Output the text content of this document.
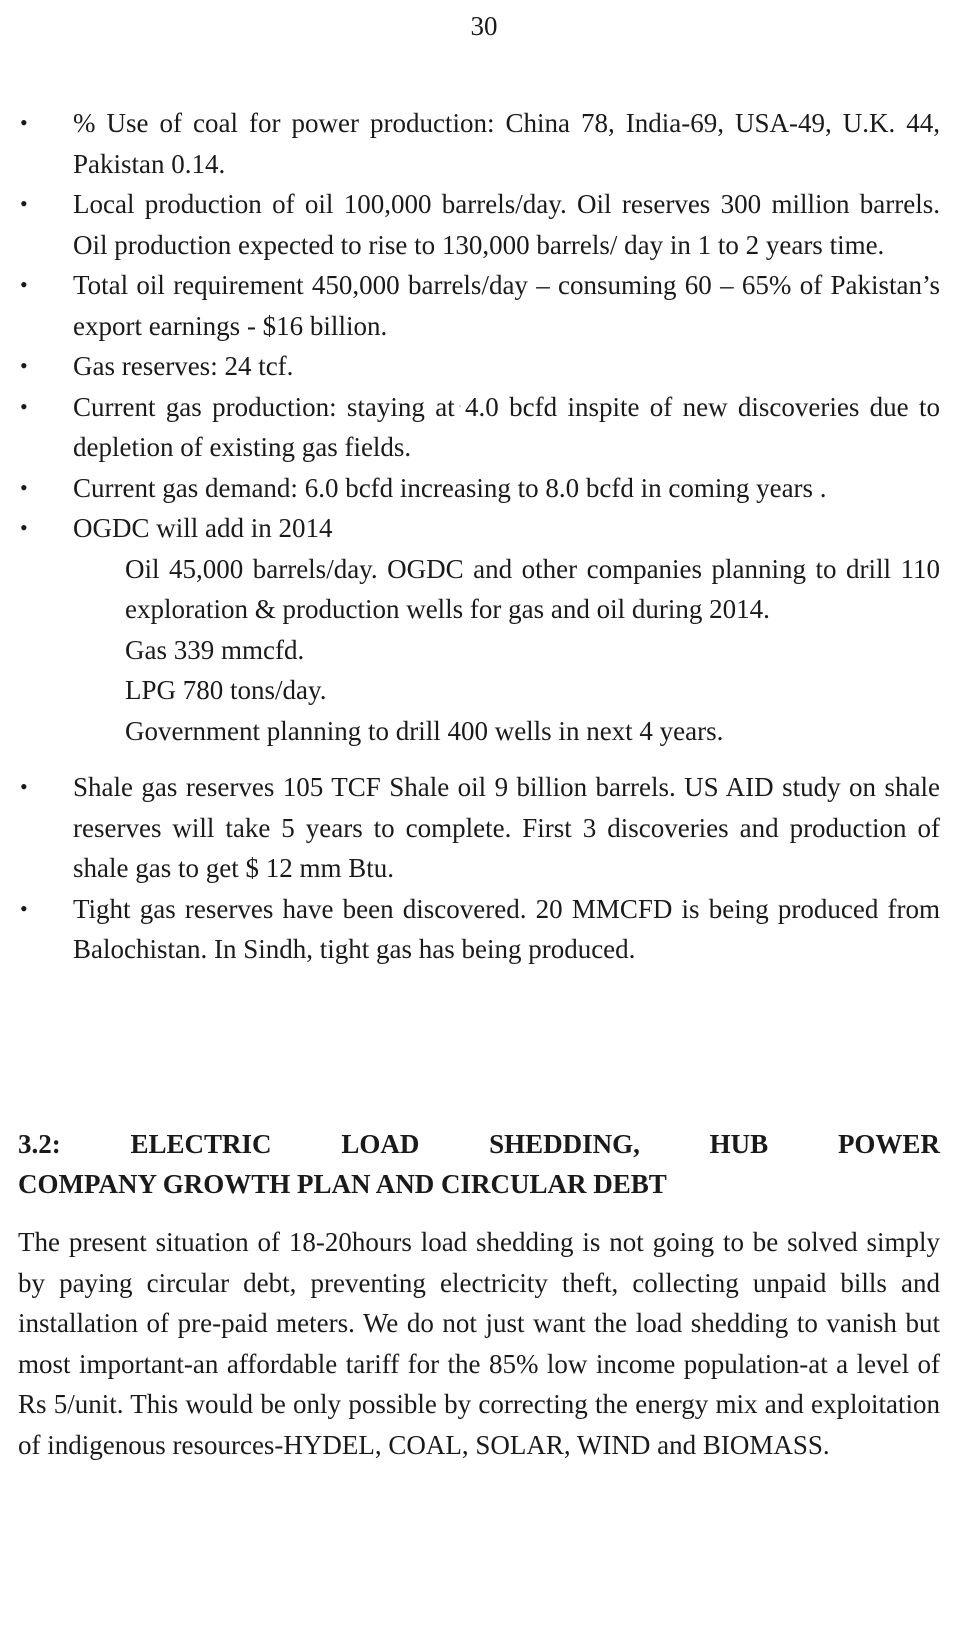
30
• % Use of coal for power production: China 78, India-69, USA-49, U.K. 44, Pakistan 0.14.
• Local production of oil 100,000 barrels/day. Oil reserves 300 million barrels. Oil production expected to rise to 130,000 barrels/ day in 1 to 2 years time.
• Total oil requirement 450,000 barrels/day – consuming 60 – 65% of Pakistan’s export earnings - $16 billion.
• Gas reserves: 24 tcf.
• Current gas production: staying at 4.0 bcfd inspite of new discoveries due to depletion of existing gas fields.
• Current gas demand: 6.0 bcfd increasing to 8.0 bcfd in coming years .
• OGDC will add in 2014
Oil 45,000 barrels/day. OGDC and other companies planning to drill 110 exploration & production wells for gas and oil during 2014.
Gas 339 mmcfd.
LPG 780 tons/day.
Government planning to drill 400 wells in next 4 years.
• Shale gas reserves 105 TCF Shale oil 9 billion barrels. US AID study on shale reserves will take 5 years to complete. First 3 discoveries and production of shale gas to get $ 12 mm Btu.
• Tight gas reserves have been discovered. 20 MMCFD is being produced from Balochistan. In Sindh, tight gas has being produced.
3.2:	ELECTRIC	LOAD	SHEDDING,	HUB	POWER
COMPANY GROWTH PLAN AND CIRCULAR DEBT

The present situation of 18-20hours load shedding is not going to be solved simply by paying circular debt, preventing electricity theft, collecting unpaid bills and installation of pre-paid meters. We do not just want the load shedding to vanish but most important-an affordable tariff for the 85% low income population-at a level of Rs 5/unit. This would be only possible by correcting the energy mix and exploitation of indigenous resources-HYDEL, COAL, SOLAR, WIND and BIOMASS.
